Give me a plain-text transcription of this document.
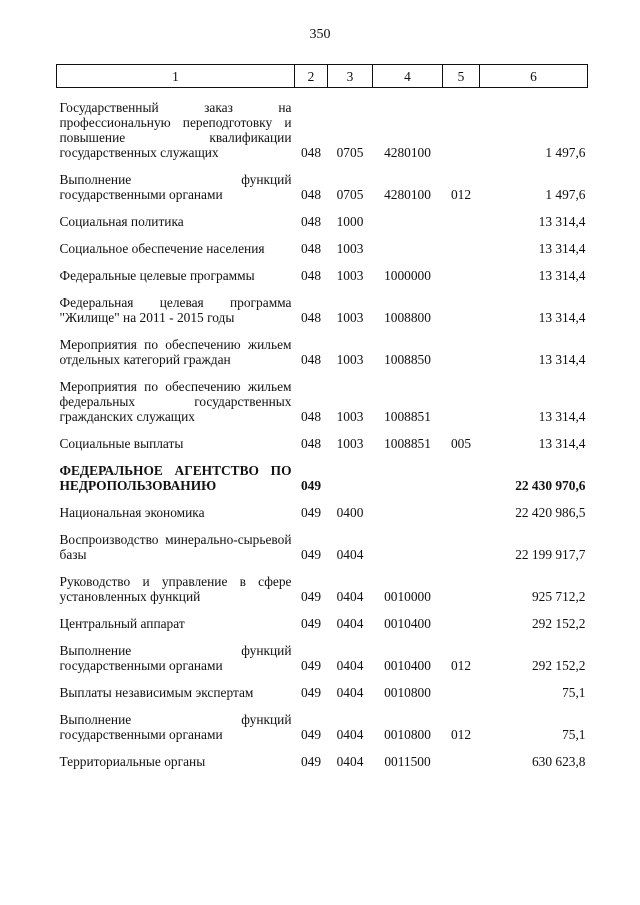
350
1	2	3	4	5	6
Государственный заказ на профессиональную переподготовку и повышение квалификации государственных служащих	048	0705	4280100		1 497,6
Выполнение функций государственными органами	048	0705	4280100	012	1 497,6
Социальная политика	048	1000			13 314,4
Социальное обеспечение населения	048	1003			13 314,4
Федеральные целевые программы	048	1003	1000000		13 314,4
Федеральная целевая программа "Жилище" на 2011 - 2015 годы	048	1003	1008800		13 314,4
Мероприятия по обеспечению жильем отдельных категорий граждан	048	1003	1008850		13 314,4
Мероприятия по обеспечению жильем федеральных государственных гражданских служащих	048	1003	1008851		13 314,4
Социальные выплаты	048	1003	1008851	005	13 314,4
ФЕДЕРАЛЬНОЕ АГЕНТСТВО ПО НЕДРОПОЛЬЗОВАНИЮ	049				22 430 970,6
Национальная экономика	049	0400			22 420 986,5
Воспроизводство минерально-сырьевой базы	049	0404			22 199 917,7
Руководство и управление в сфере установленных функций	049	0404	0010000		925 712,2
Центральный аппарат	049	0404	0010400		292 152,2
Выполнение функций государственными органами	049	0404	0010400	012	292 152,2
Выплаты независимым экспертам	049	0404	0010800		75,1
Выполнение функций государственными органами	049	0404	0010800	012	75,1
Территориальные органы	049	0404	0011500		630 623,8
